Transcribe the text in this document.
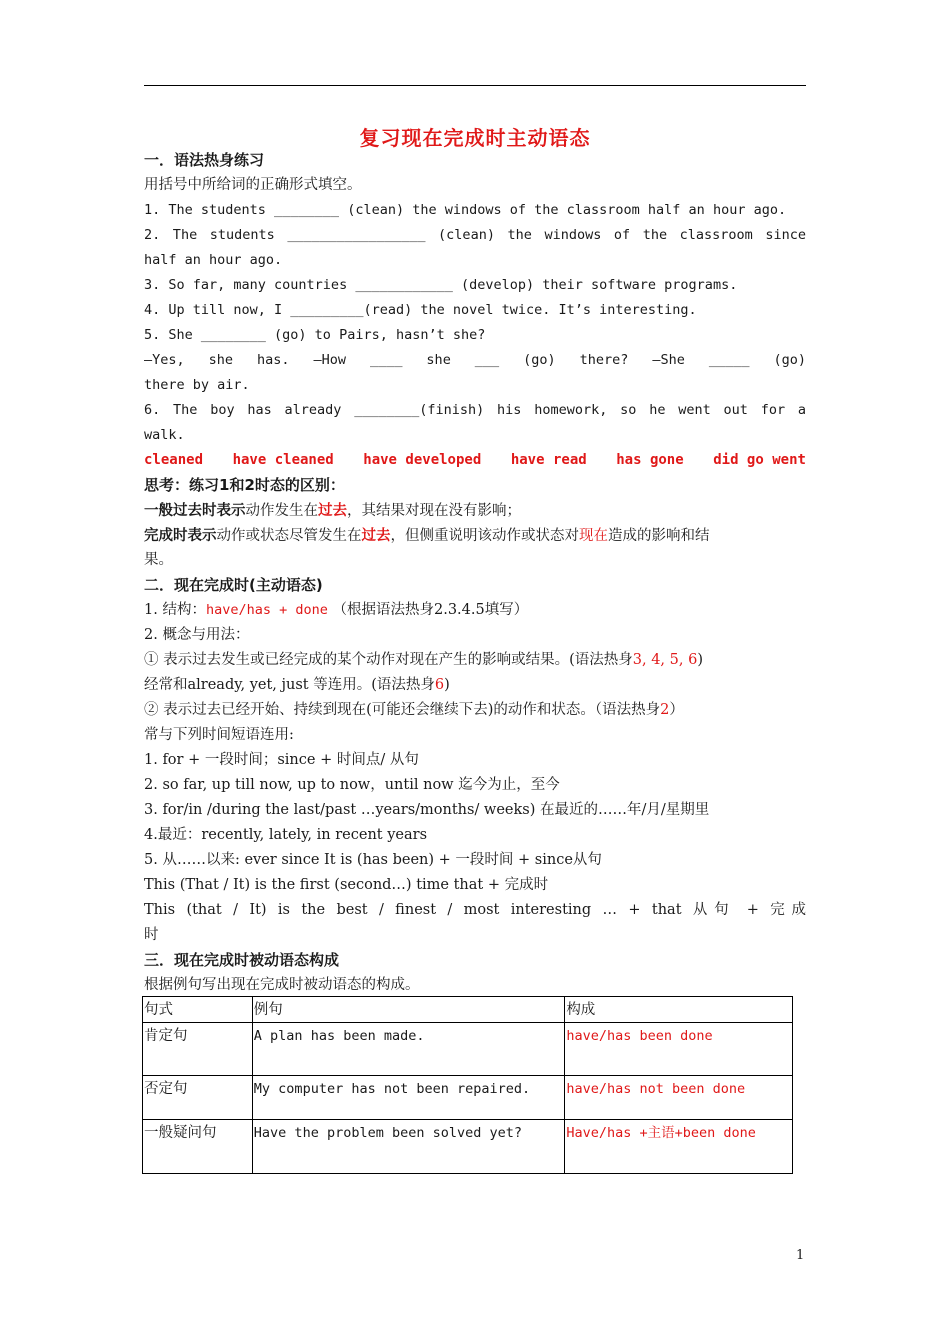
复习现在完成时主动语态
一．语法热身练习
用括号中所给词的正确形式填空。
1. The students ________ (clean) the windows of the classroom half an hour ago.
2. The students _________________ (clean) the windows of the classroom since
half an hour ago.
3. So far, many countries ____________ (develop) their software programs.
4. Up till now, I _________(read) the novel twice. It’s interesting.
5. She ________ (go) to Pairs, hasn’t she?
—Yes, she has. —How ____ she ___ (go) there? —She _____ (go)
there by air.
6. The boy has already ________(finish) his homework, so he went out for a
walk.
cleaned have cleaned have developed have read has gone did go went
思考：练习1和2时态的区别：
一般过去时表示动作发生在过去，其结果对现在没有影响；
完成时表示动作或状态尽管发生在过去，但侧重说明该动作或状态对现在造成的影响和结
果。
二．现在完成时(主动语态)
1. 结构：have/has + done （根据语法热身2.3.4.5填写）
2. 概念与用法：
① 表示过去发生或已经完成的某个动作对现在产生的影响或结果。(语法热身3, 4, 5, 6)
经常和already, yet, just 等连用。(语法热身6)
② 表示过去已经开始、持续到现在(可能还会继续下去)的动作和状态。（语法热身2）
常与下列时间短语连用:
1. for + 一段时间；since + 时间点/ 从句
2. so far, up till now, up to now，until now 迄今为止，至今
3. for/in /during the last/past …years/months/ weeks) 在最近的……年/月/星期里
4.最近：recently, lately, in recent years
5. 从……以来: ever since It is (has been) + 一段时间 + since从句
This (That / It) is the first (second…) time that + 完成时
This (that / It) is the best / finest / most interesting … + that 从句 + 完成
时
三．现在完成时被动语态构成
根据例句写出现在完成时被动语态的构成。
句式	例句	构成
肯定句	A plan has been made.	have/has been done
否定句	My computer has not been repaired.	have/has not been done
一般疑问句	Have the problem been solved yet?	Have/has +主语+been done
1
